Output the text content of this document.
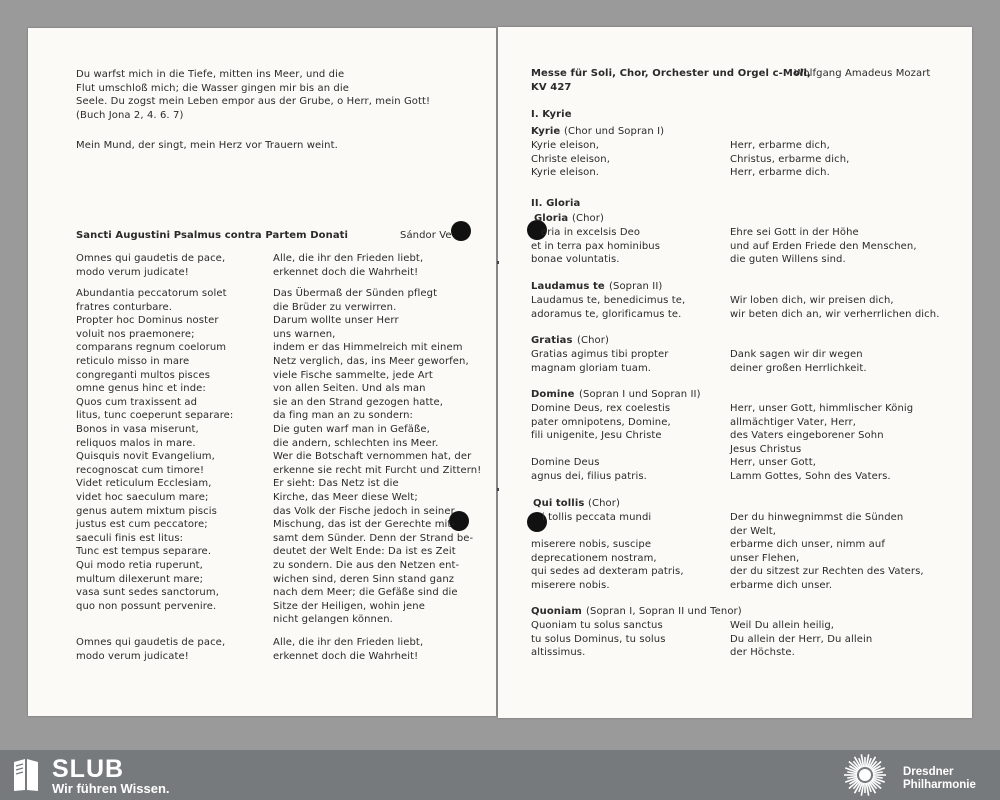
SLUB
Wir führen Wissen.
Dresdner
Philharmonie
Du warfst mich in die Tiefe, mitten ins Meer, und die
Flut umschloß mich; die Wasser gingen mir bis an die
Seele. Du zogst mein Leben empor aus der Grube, o Herr, mein Gott!
(Buch Jona 2, 4. 6. 7)
Mein Mund, der singt, mein Herz vor Trauern weint.
Sancti Augustini Psalmus contra Partem Donati	Sándor Ve
Omnes qui gaudetis de pace,
modo verum judicate!
Abundantia peccatorum solet
fratres conturbare.
Propter hoc Dominus noster
voluit nos praemonere;
comparans regnum coelorum
reticulo misso in mare
congreganti multos pisces
omne genus hinc et inde:
Quos cum traxissent ad
litus, tunc coeperunt separare:
Bonos in vasa miserunt,
reliquos malos in mare.
Quisquis novit Evangelium,
recognoscat cum timore!
Videt reticulum Ecclesiam,
videt hoc saeculum mare;
genus autem mixtum piscis
justus est cum peccatore;
saeculi finis est litus:
Tunc est tempus separare.
Qui modo retia ruperunt,
multum dilexerunt mare;
vasa sunt sedes sanctorum,
quo non possunt pervenire.
Omnes qui gaudetis de pace,
modo verum judicate!
Alle, die ihr den Frieden liebt,
erkennet doch die Wahrheit!
Das Übermaß der Sünden pflegt
die Brüder zu verwirren.
Darum wollte unser Herr
uns warnen,
indem er das Himmelreich mit einem
Netz verglich, das, ins Meer geworfen,
viele Fische sammelte, jede Art
von allen Seiten. Und als man
sie an den Strand gezogen hatte,
da fing man an zu sondern:
Die guten warf man in Gefäße,
die andern, schlechten ins Meer.
Wer die Botschaft vernommen hat, der
erkenne sie recht mit Furcht und Zittern!
Er sieht: Das Netz ist die
Kirche, das Meer diese Welt;
das Volk der Fische jedoch in seiner
Mischung, das ist der Gerechte mit-
samt dem Sünder. Denn der Strand be-
deutet der Welt Ende: Da ist es Zeit
zu sondern. Die aus den Netzen ent-
wichen sind, deren Sinn stand ganz
nach dem Meer; die Gefäße sind die
Sitze der Heiligen, wohin jene
nicht gelangen können.
Alle, die ihr den Frieden liebt,
erkennet doch die Wahrheit!
Messe für Soli, Chor, Orchester und Orgel c-Moll,
KV 427
Wolfgang Amadeus Mozart
I. Kyrie
II. Gloria
Kyrie (Chor und Sopran I)
Kyrie eleison,
Christe eleison,
Kyrie eleison.
Herr, erbarme dich,
Christus, erbarme dich,
Herr, erbarme dich.
Gloria (Chor)
oria in excelsis Deo
et in terra pax hominibus
bonae voluntatis.
Ehre sei Gott in der Höhe
und auf Erden Friede den Menschen,
die guten Willens sind.
Laudamus te (Sopran II)
Laudamus te, benedicimus te,
adoramus te, glorificamus te.
Wir loben dich, wir preisen dich,
wir beten dich an, wir verherrlichen dich.
Gratias (Chor)
Gratias agimus tibi propter
magnam gloriam tuam.
Dank sagen wir dir wegen
deiner großen Herrlichkeit.
Domine (Sopran I und Sopran II)
Domine Deus, rex coelestis
pater omnipotens, Domine,
fili unigenite, Jesu Christe
Domine Deus
agnus dei, filius patris.
Herr, unser Gott, himmlischer König
allmächtiger Vater, Herr,
des Vaters eingeborener Sohn
Jesus Christus
Herr, unser Gott,
Lamm Gottes, Sohn des Vaters.
Qui tollis (Chor)
i tollis peccata mundi
miserere nobis, suscipe
deprecationem nostram,
qui sedes ad dexteram patris,
miserere nobis.
Der du hinwegnimmst die Sünden
der Welt,
erbarme dich unser, nimm auf
unser Flehen,
der du sitzest zur Rechten des Vaters,
erbarme dich unser.
Quoniam (Sopran I, Sopran II und Tenor)
Quoniam tu solus sanctus
tu solus Dominus, tu solus
altissimus.
Weil Du allein heilig,
Du allein der Herr, Du allein
der Höchste.
